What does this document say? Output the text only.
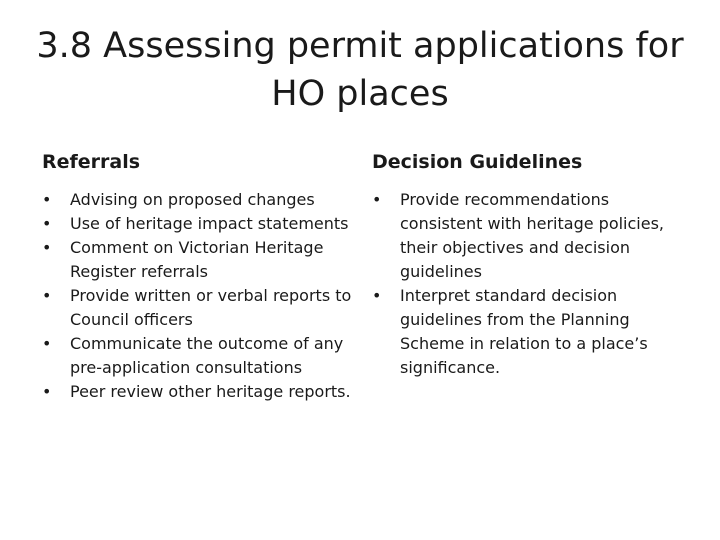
3.8 Assessing permit applications for
HO places
Referrals
•	Advising on proposed changes
•	Use of heritage impact statements
•	Comment on Victorian Heritage Register referrals
•	Provide written or verbal reports to Council officers
•	Communicate the outcome of any pre-application consultations
•	Peer review other heritage reports.
Decision Guidelines
•	Provide recommendations consistent with heritage policies, their objectives and decision guidelines
•	Interpret standard decision guidelines from the Planning Scheme in relation to a place’s significance.
